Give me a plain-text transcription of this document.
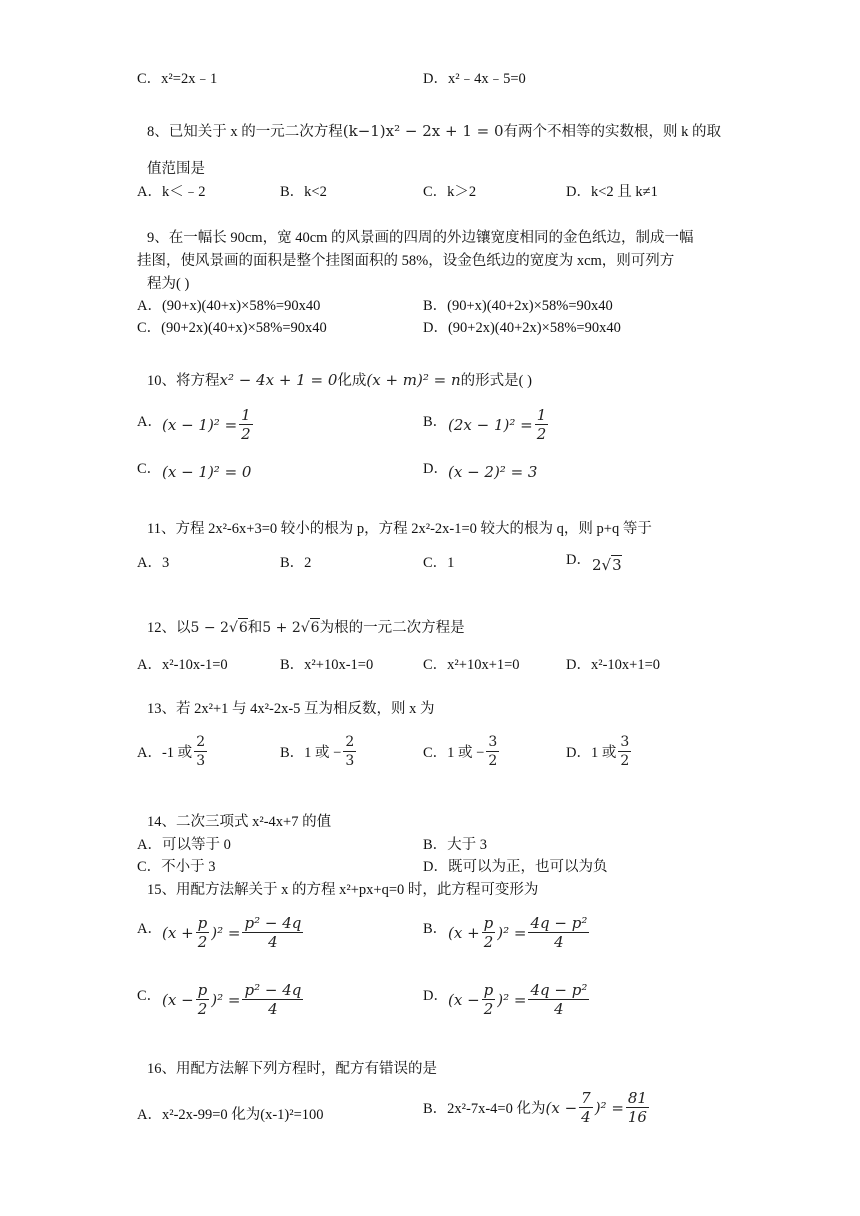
C．x²=2x﹣1	D．x²﹣4x﹣5=0
8、已知关于 x 的一元二次方程(k−1)x² − 2x + 1 = 0有两个不相等的实数根，则 k 的取
值范围是
A．k＜﹣2	B．k<2	C．k＞2	D．k<2 且 k≠1
9、在一幅长 90cm，宽 40cm 的风景画的四周的外边镶宽度相同的金色纸边，制成一幅
挂图，使风景画的面积是整个挂图面积的 58%，设金色纸边的宽度为 xcm，则可列方
程为( )
A．(90+x)(40+x)×58%=90x40	B．(90+x)(40+2x)×58%=90x40
C．(90+2x)(40+x)×58%=90x40	D．(90+2x)(40+2x)×58%=90x40
10、将方程x² − 4x + 1 = 0化成(x + m)² = n的形式是( )
A． $(x - 1)^2 = \frac{1}{2}$	B． $(2x - 1)^2 = \frac{1}{2}$
C． (x − 1)² = 0	D． (x − 2)² = 3
11、方程 2x²-6x+3=0 较小的根为 p，方程 2x²-2x-1=0 较大的根为 q，则 p+q 等于
A．3	B．2	C．1	D． 2√3
12、以5 − 2√6和5 + 2√6为根的一元二次方程是
A．x²-10x-1=0	B．x²+10x-1=0	C．x²+10x+1=0	D．x²-10x+1=0
13、若 2x²+1 与 4x²-2x-5 互为相反数，则 x 为
A．-1 或 $\frac{2}{3}$	B．1 或 − $\frac{2}{3}$	C．1 或 − $\frac{3}{2}$	D．1 或 $\frac{3}{2}$
14、二次三项式 x²-4x+7 的值
A．可以等于 0	B．大于 3
C．不小于 3	D．既可以为正，也可以为负
15、用配方法解关于 x 的方程 x²+px+q=0 时，此方程可变形为
A． $(x + \frac{p}{2} )^2 = \frac{\text{p² − 4q}}{4}$	B． $(x + \frac{p}{2} )^2 = \frac{\text{4q − p²}}{4}$
C． $(x - \frac{p}{2} )^2 = \frac{\text{p² − 4q}}{4}$	D． $(x - \frac{p}{2} )^2 = \frac{\text{4q − p²}}{4}$
16、用配方法解下列方程时，配方有错误的是
A．x²-2x-99=0 化为(x-1)²=100	B．2x²-7x-4=0 化为 $(x - \frac{7}{4} )^2 = \frac{81}{16}$
